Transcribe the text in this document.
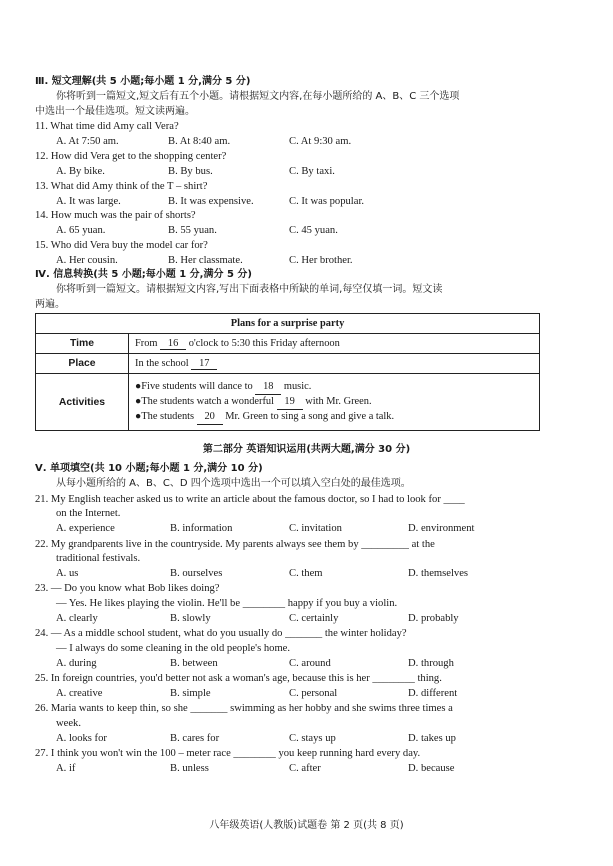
Ⅲ. 短文理解(共 5 小题;每小题 1 分,满分 5 分)
你将听到一篇短文,短文后有五个小题。请根据短文内容,在每小题所给的 A、B、C 三个选项
中选出一个最佳选项。短文读两遍。
11. What time did Amy call Vera?
A. At 7:50 am.	B. At 8:40 am.	C. At 9:30 am.
12. How did Vera get to the shopping center?
A. By bike.	B. By bus.	C. By taxi.
13. What did Amy think of the T – shirt?
A. It was large.	B. It was expensive.	C. It was popular.
14. How much was the pair of shorts?
A. 65 yuan.	B. 55 yuan.	C. 45 yuan.
15. Who did Vera buy the model car for?
A. Her cousin.	B. Her classmate.	C. Her brother.
Ⅳ. 信息转换(共 5 小题;每小题 1 分,满分 5 分)
你将听到一篇短文。请根据短文内容,写出下面表格中所缺的单词,每空仅填一词。短文读
两遍。
Plans for a surprise party	
Time	From 16 o'clock to 5:30 this Friday afternoon
Place	In the school 17
Activities	●Five students will dance to 18 music.
●The students watch a wonderful 19 with Mr. Green.
●The students 20 Mr. Green to sing a song and give a talk.
第二部分 英语知识运用(共两大题,满分 30 分)
Ⅴ. 单项填空(共 10 小题;每小题 1 分,满分 10 分)
从每小题所给的 A、B、C、D 四个选项中选出一个可以填入空白处的最佳选项。
21. My English teacher asked us to write an article about the famous doctor, so I had to look for ____
on the Internet.
A. experience	B. information	C. invitation	D. environment
22. My grandparents live in the countryside. My parents always see them by _________ at the
traditional festivals.
A. us	B. ourselves	C. them	D. themselves
23. — Do you know what Bob likes doing?
— Yes. He likes playing the violin. He'll be ________ happy if you buy a violin.
A. clearly	B. slowly	C. certainly	D. probably
24. — As a middle school student, what do you usually do _______ the winter holiday?
— I always do some cleaning in the old people's home.
A. during	B. between	C. around	D. through
25. In foreign countries, you'd better not ask a woman's age, because this is her ________ thing.
A. creative	B. simple	C. personal	D. different
26. Maria wants to keep thin, so she _______ swimming as her hobby and she swims three times a
week.
A. looks for	B. cares for	C. stays up	D. takes up
27. I think you won't win the 100 – meter race ________ you keep running hard every day.
A. if	B. unless	C. after	D. because
八年级英语(人教版)试题卷 第 2 页(共 8 页)
